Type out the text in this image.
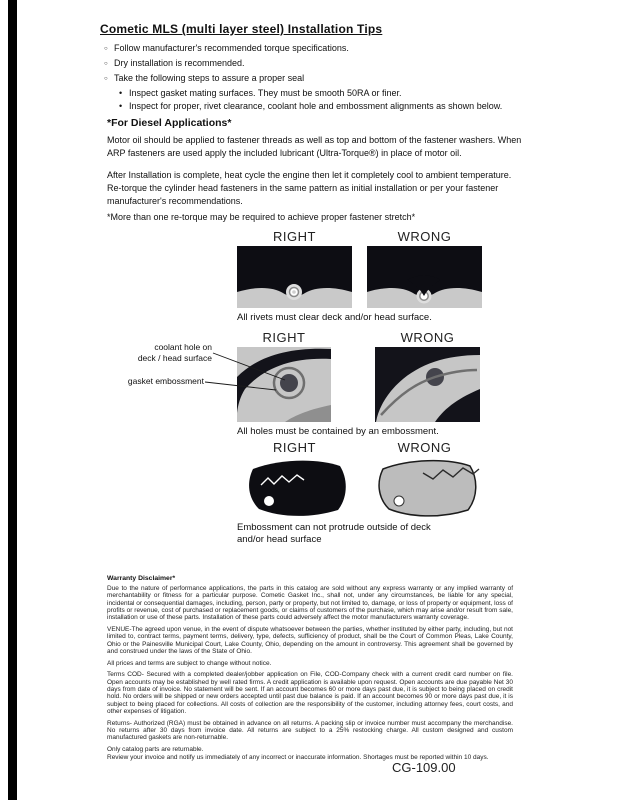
Cometic MLS (multi layer steel) Installation Tips
○
Follow manufacturer's recommended torque specifications.
○
Dry installation is recommended.
○
Take the following steps to assure a proper seal
•
Inspect gasket mating surfaces. They must be smooth 50RA or finer.
•
Inspect for proper, rivet clearance, coolant hole and embossment alignments as shown below.
*For Diesel Applications*
Motor oil should be applied to fastener threads as well as top and bottom of the fastener washers. When ARP fasteners are used apply the included lubricant (Ultra-Torque®) in place of motor oil.
After Installation is complete, heat cycle the engine then let it completely cool to ambient temperature. Re-torque the cylinder head fasteners in the same pattern as initial installation or per your fastener manufacturer's recommendations.
*More than one re-torque may be required to achieve proper fastener stretch*
RIGHT	WRONG
All rivets must clear deck and/or head surface.
RIGHT	WRONG
coolant hole on
deck / head surface
gasket embossment
All holes must be contained by an embossment.
RIGHT	WRONG
Embossment can not protrude outside of deck
and/or head surface
Warranty Disclaimer*

Due to the nature of performance applications, the parts in this catalog are sold without any express warranty or any implied warranty of merchantability or fitness for a particular purpose. Cometic Gasket Inc., shall not, under any circumstances, be liable for any special, incidental or consequential damages, including, person, party or property, but not limited to, damage, or loss of property or equipment, loss of profits or revenue, cost of purchased or replacement goods, or claims of customers of the purchase, which may arise and/or result from sale, installation or use of these parts. Installation of these parts could adversely affect the motor manufacturers warranty coverage.

VENUE-The agreed upon venue, in the event of dispute whatsoever between the parties, whether instituted by either party, including, but not limited to, contract terms, payment terms, delivery, type, defects, sufficiency of product, shall be the Court of Common Pleas, Lake County, Ohio or the Painesville Municipal Court, Lake County, Ohio, depending on the amount in controversy. This agreement shall be governed by and construed under the laws of the State of Ohio.

All prices and terms are subject to change without notice.

Terms COD- Secured with a completed dealer/jobber application on File, COD-Company check with a current credit card number on file. Open accounts may be established by well rated firms. A credit application is available upon request. Open accounts are due payable Net 30 days from date of invoice. No statement will be sent. If an account becomes 60 or more days past due, it is subject to being placed on credit hold. No orders will be shipped or new orders accepted until past due balance is paid. If an account becomes 90 or more days past due, it is subject to being placed for collections. All costs of collection are the responsibility of the customer, including attorney fees, court costs, and other expenses of litigation.

Returns- Authorized (RGA) must be obtained in advance on all returns. A packing slip or invoice number must accompany the merchandise. No returns after 30 days from invoice date. All returns are subject to a 25% restocking charge. All custom designed and custom manufactured gaskets are non-returnable.

Only catalog parts are returnable.

Review your invoice and notify us immediately of any incorrect or inaccurate information. Shortages must be reported within 10 days.

CG-109.00
